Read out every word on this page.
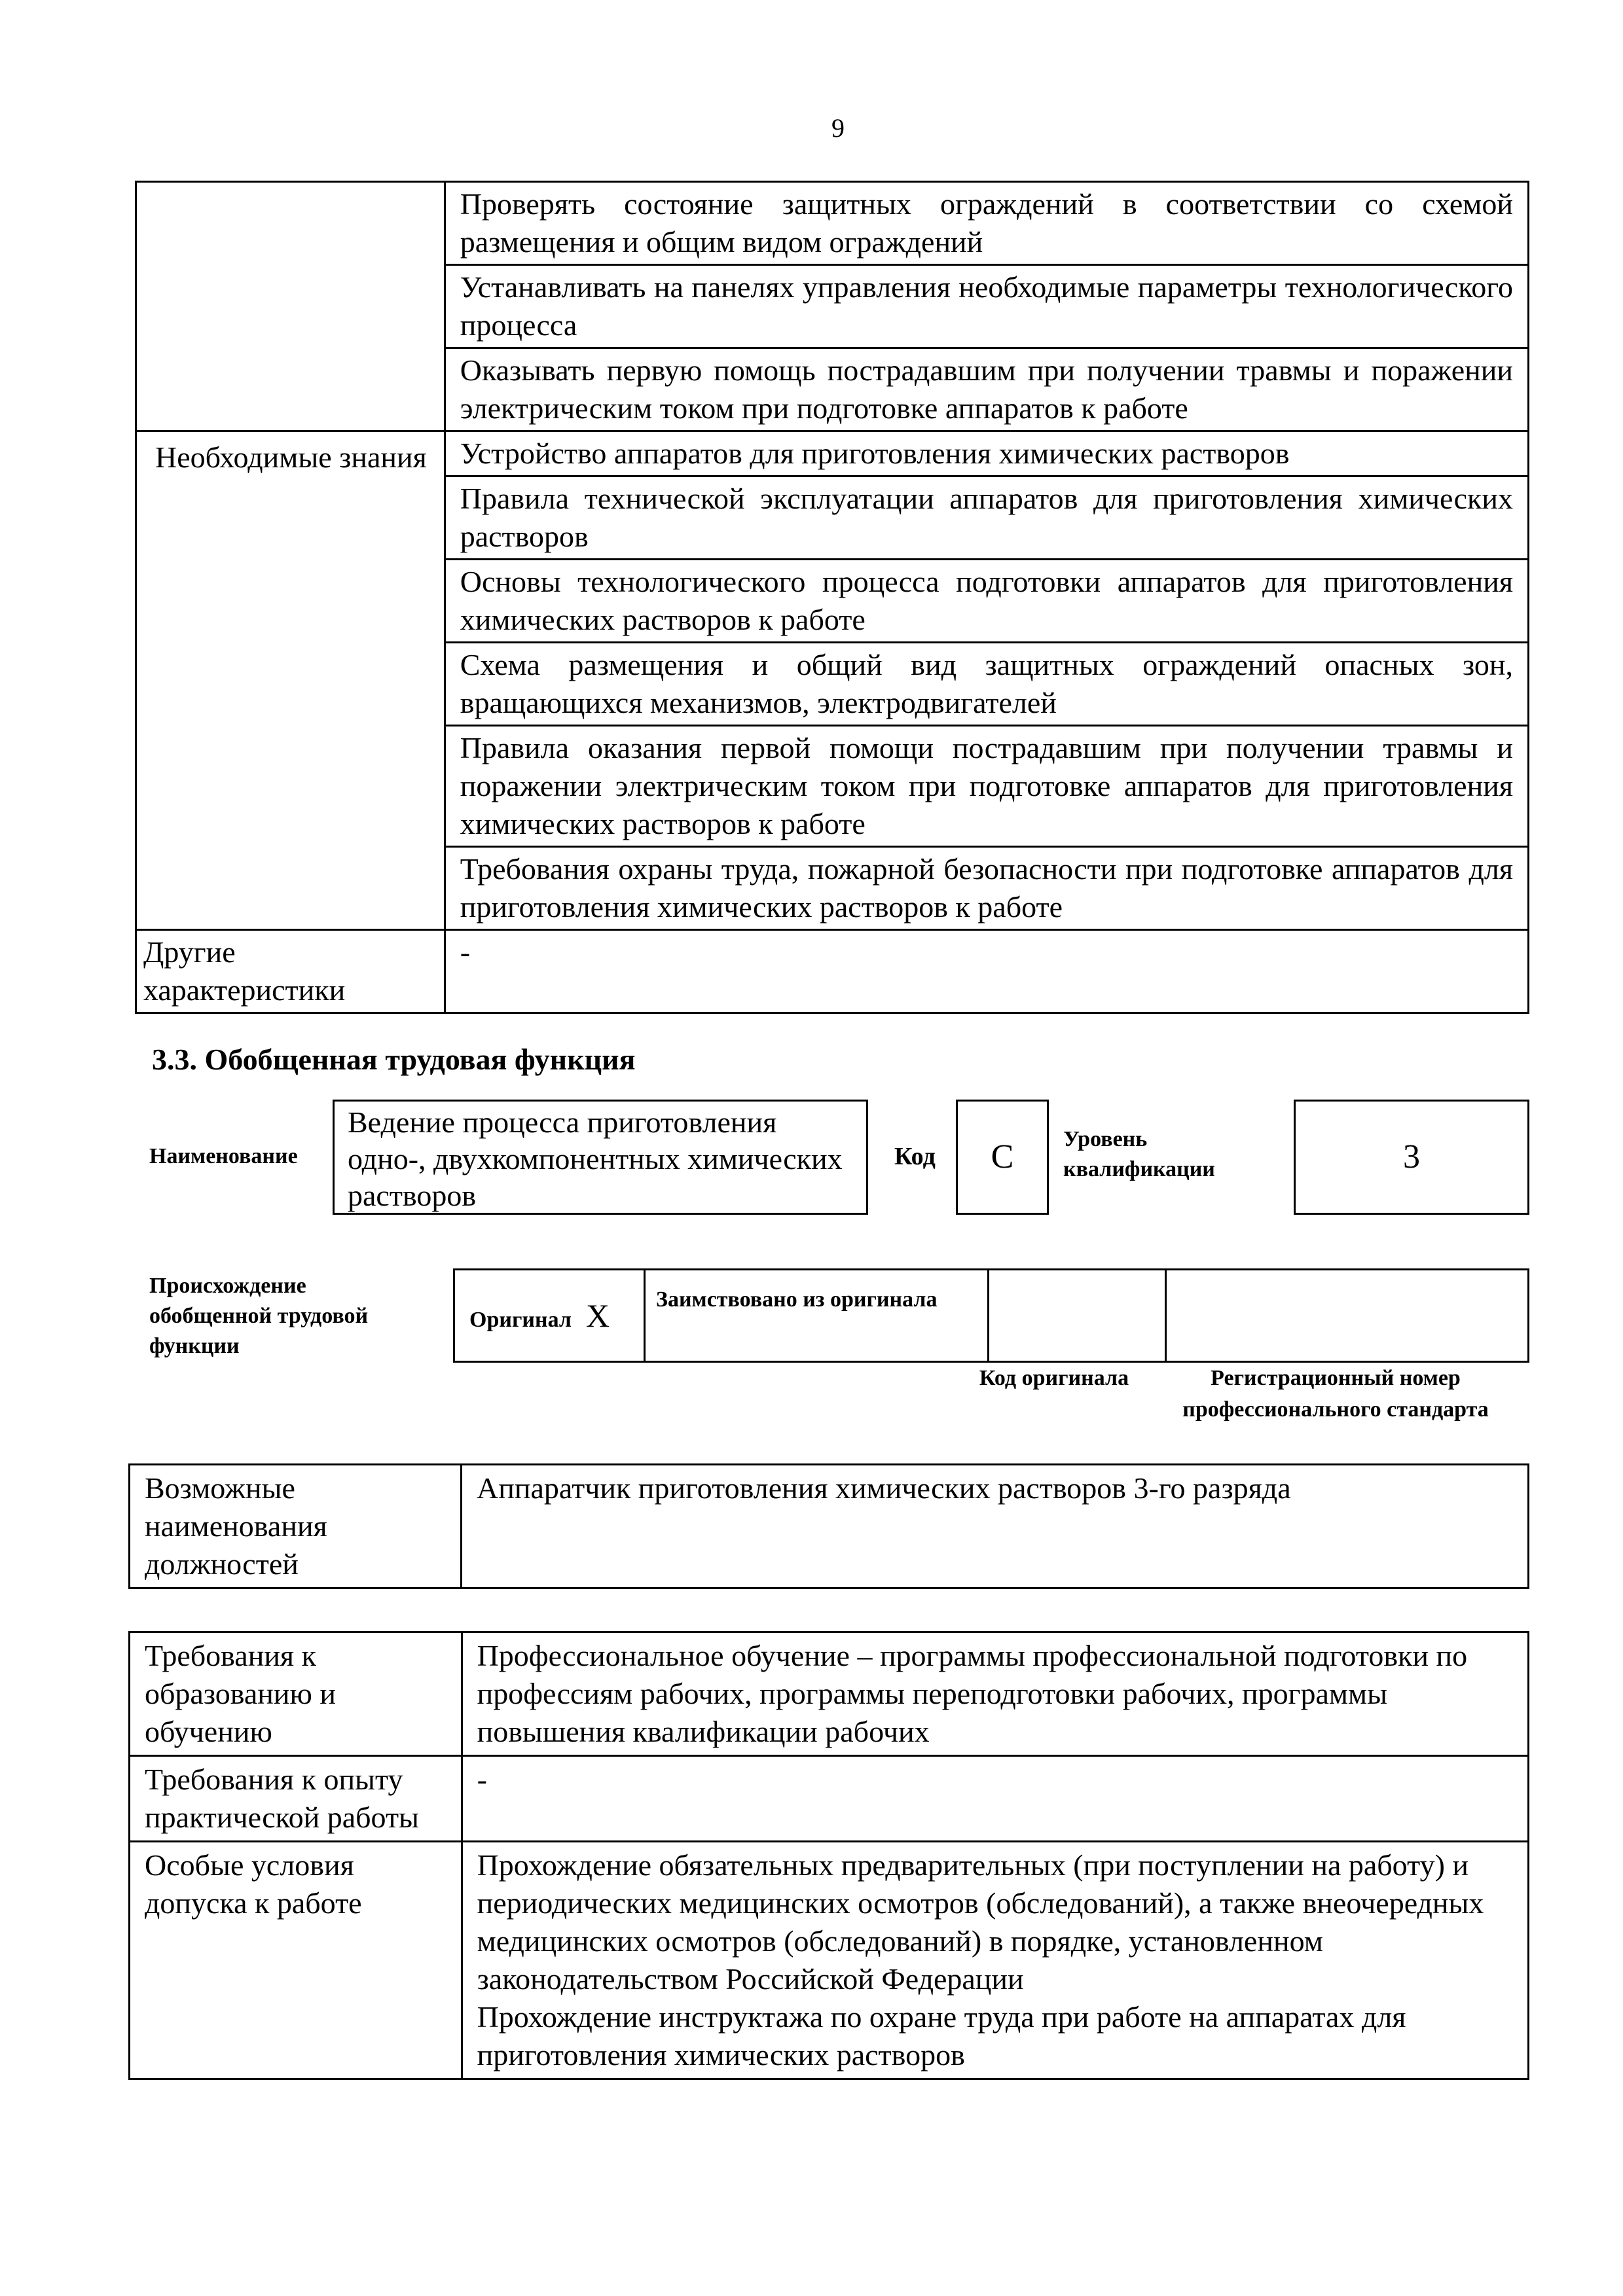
9
	Проверять состояние защитных ограждений в соответствии со схемой размещения и общим видом ограждений
	Устанавливать на панелях управления необходимые параметры технологического процесса
	Оказывать первую помощь пострадавшим при получении травмы и поражении электрическим током при подготовке аппаратов к работе
Необходимые знания	Устройство аппаратов для приготовления химических растворов
	Правила технической эксплуатации аппаратов для приготовления химических растворов
	Основы технологического процесса подготовки аппаратов для приготовления химических растворов к работе
	Схема размещения и общий вид защитных ограждений опасных зон, вращающихся механизмов, электродвигателей
	Правила оказания первой помощи пострадавшим при получении травмы и поражении электрическим током при подготовке аппаратов для приготовления химических растворов к работе
	Требования охраны труда, пожарной безопасности при подготовке аппаратов для приготовления химических растворов к работе
Другие характеристики	-
3.3. Обобщенная трудовая функция
Наименование
Ведение процесса приготовления одно-, двухкомпонентных химических растворов
Код	C	Уровень квалификации	3
Происхождение обобщенной трудовой функции
Оригинал X	Заимствовано из оригинала		
Код оригинала	Регистрационный номер профессионального стандарта
Возможные наименования должностей	Аппаратчик приготовления химических растворов 3-го разряда
Требования к образованию и обучению	Профессиональное обучение – программы профессиональной подготовки по профессиям рабочих, программы переподготовки рабочих, программы повышения квалификации рабочих
Требования к опыту практической работы	-
Особые условия допуска к работе	Прохождение обязательных предварительных (при поступлении на работу) и периодических медицинских осмотров (обследований), а также внеочередных медицинских осмотров (обследований) в порядке, установленном законодательством Российской Федерации
Прохождение инструктажа по охране труда при работе на аппаратах для приготовления химических растворов
